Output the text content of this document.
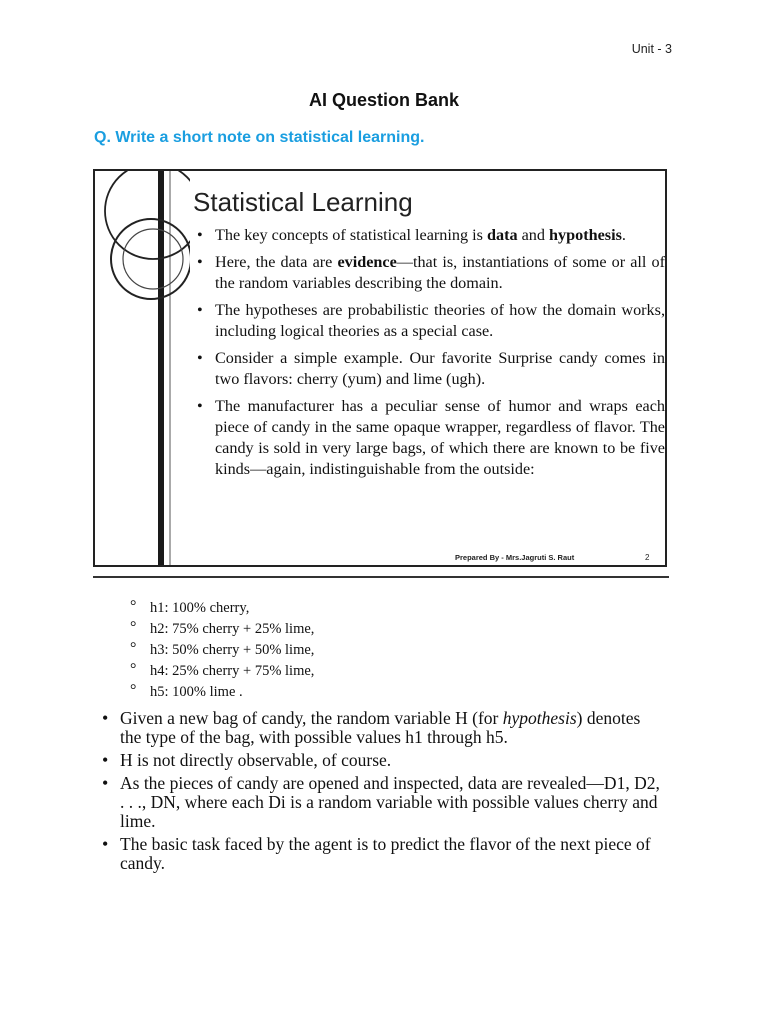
Unit - 3
AI Question Bank
Q. Write a short note on statistical learning.
Statistical Learning
• The key concepts of statistical learning is data and hypothesis.
• Here, the data are evidence—that is, instantiations of some or all of the random variables describing the domain.
• The hypotheses are probabilistic theories of how the domain works, including logical theories as a special case.
• Consider a simple example. Our favorite Surprise candy comes in two flavors: cherry (yum) and lime (ugh).
• The manufacturer has a peculiar sense of humor and wraps each piece of candy in the same opaque wrapper, regardless of flavor. The candy is sold in very large bags, of which there are known to be five kinds—again, indistinguishable from the outside:
Prepared By - Mrs.Jagruti S. Raut	2
° h1: 100% cherry,
° h2: 75% cherry + 25% lime,
° h3: 50% cherry + 50% lime,
° h4: 25% cherry + 75% lime,
° h5: 100% lime .
• Given a new bag of candy, the random variable H (for hypothesis) denotes the type of the bag, with possible values h1 through h5.
• H is not directly observable, of course.
• As the pieces of candy are opened and inspected, data are revealed—D1, D2, . . ., DN, where each Di is a random variable with possible values cherry and lime.
• The basic task faced by the agent is to predict the flavor of the next piece of candy.
